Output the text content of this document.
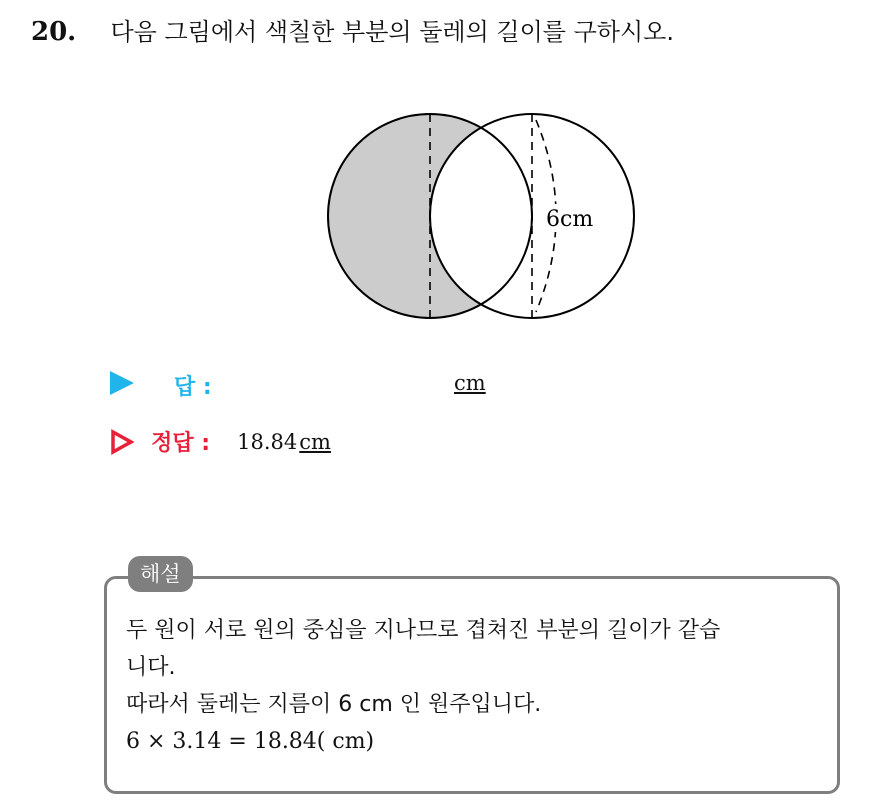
20. 다음 그림에서 색칠한 부분의 둘레의 길이를 구하시오.
6cm
답 :	cm
정답 : 18.84cm
해설
두 원이 서로 원의 중심을 지나므로 겹쳐진 부분의 길이가 같습
니다.
따라서 둘레는 지름이 6 cm 인 원주입니다.
6 × 3.14 = 18.84( cm)
